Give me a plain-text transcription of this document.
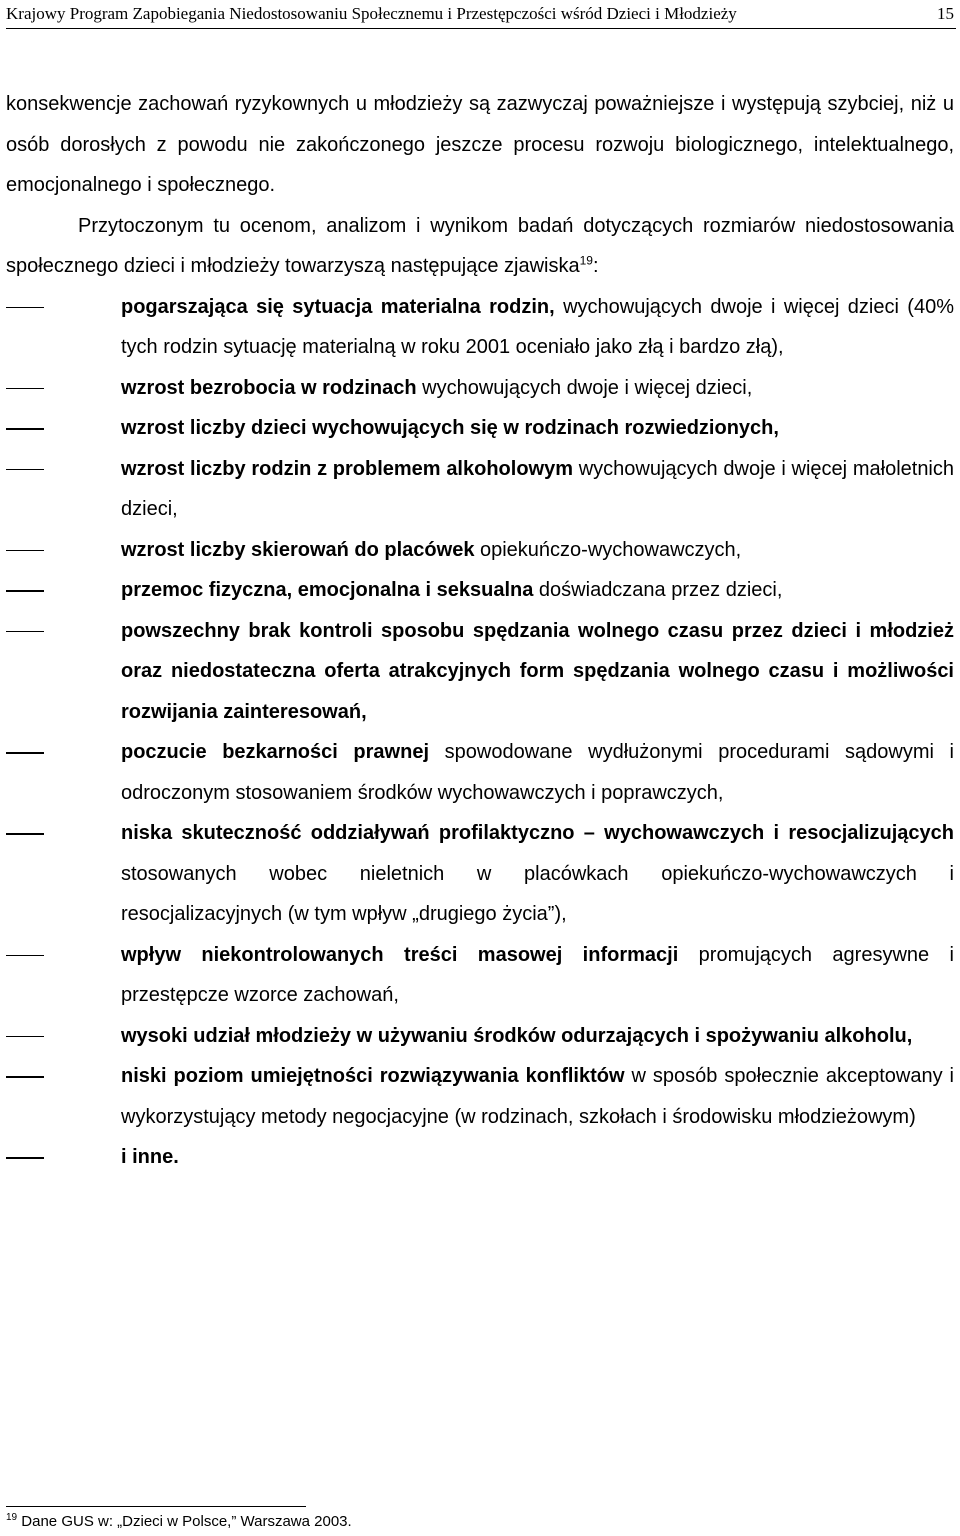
Krajowy Program Zapobiegania Niedostosowaniu Społecznemu i Przestępczości wśród Dzieci i Młodzieży	15

konsekwencje zachowań ryzykownych u młodzieży są zazwyczaj poważniejsze i występują szybciej, niż u osób dorosłych z powodu nie zakończonego jeszcze procesu rozwoju biologicznego, intelektualnego, emocjonalnego i społecznego.

Przytoczonym tu ocenom, analizom i wynikom badań dotyczących rozmiarów niedostosowania społecznego dzieci i młodzieży towarzyszą następujące zjawiska$^{19}$:

pogarszająca się sytuacja materialna rodzin, wychowujących dwoje i więcej dzieci (40% tych rodzin sytuację materialną w roku 2001 oceniało jako złą i bardzo złą),
wzrost bezrobocia w rodzinach wychowujących dwoje i więcej dzieci,
wzrost liczby dzieci wychowujących się w rodzinach rozwiedzionych,
wzrost liczby rodzin z problemem alkoholowym wychowujących dwoje i więcej małoletnich dzieci,
wzrost liczby skierowań do placówek opiekuńczo-wychowawczych,
przemoc fizyczna, emocjonalna i seksualna doświadczana przez dzieci,
powszechny brak kontroli sposobu spędzania wolnego czasu przez dzieci i młodzież oraz niedostateczna oferta atrakcyjnych form spędzania wolnego czasu i możliwości rozwijania zainteresowań,
poczucie bezkarności prawnej spowodowane wydłużonymi procedurami sądowymi i odroczonym stosowaniem środków wychowawczych i poprawczych,
niska skuteczność oddziaływań profilaktyczno – wychowawczych i resocjalizujących stosowanych wobec nieletnich w placówkach opiekuńczo-wychowawczych i resocjalizacyjnych (w tym wpływ „drugiego życia”),
wpływ niekontrolowanych treści masowej informacji promujących agresywne i przestępcze wzorce zachowań,
wysoki udział młodzieży w używaniu środków odurzających i spożywaniu alkoholu,
niski poziom umiejętności rozwiązywania konfliktów w sposób społecznie akceptowany i wykorzystujący metody negocjacyjne (w rodzinach, szkołach i środowisku młodzieżowym)
i inne.
$^{19}$ Dane GUS w: „Dzieci w Polsce,” Warszawa 2003.
